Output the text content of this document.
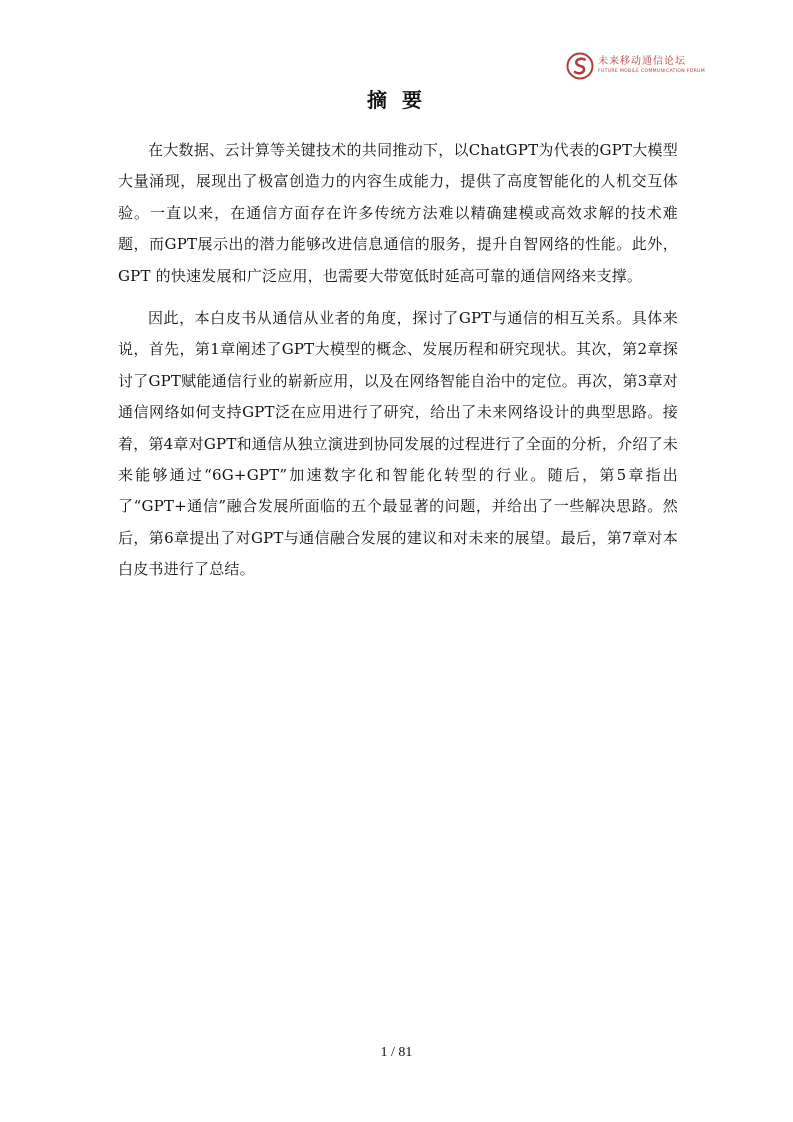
未来移动通信论坛
FUTURE MOBILE COMMUNICATION FORUM
摘 要

在大数据、云计算等关键技术的共同推动下，以ChatGPT为代表的GPT大模型大量涌现，展现出了极富创造力的内容生成能力，提供了高度智能化的人机交互体验。一直以来，在通信方面存在许多传统方法难以精确建模或高效求解的技术难题，而GPT展示出的潜力能够改进信息通信的服务，提升自智网络的性能。此外，GPT 的快速发展和广泛应用，也需要大带宽低时延高可靠的通信网络来支撑。

因此，本白皮书从通信从业者的角度，探讨了GPT与通信的相互关系。具体来说，首先，第1章阐述了GPT大模型的概念、发展历程和研究现状。其次，第2章探讨了GPT赋能通信行业的崭新应用，以及在网络智能自治中的定位。再次，第3章对通信网络如何支持GPT泛在应用进行了研究，给出了未来网络设计的典型思路。接着，第4章对GPT和通信从独立演进到协同发展的过程进行了全面的分析，介绍了未来能够通过“6G+GPT”加速数字化和智能化转型的行业。随后，第5章指出了“GPT+通信”融合发展所面临的五个最显著的问题，并给出了一些解决思路。然后，第6章提出了对GPT与通信融合发展的建议和对未来的展望。最后，第7章对本白皮书进行了总结。

1 / 81
